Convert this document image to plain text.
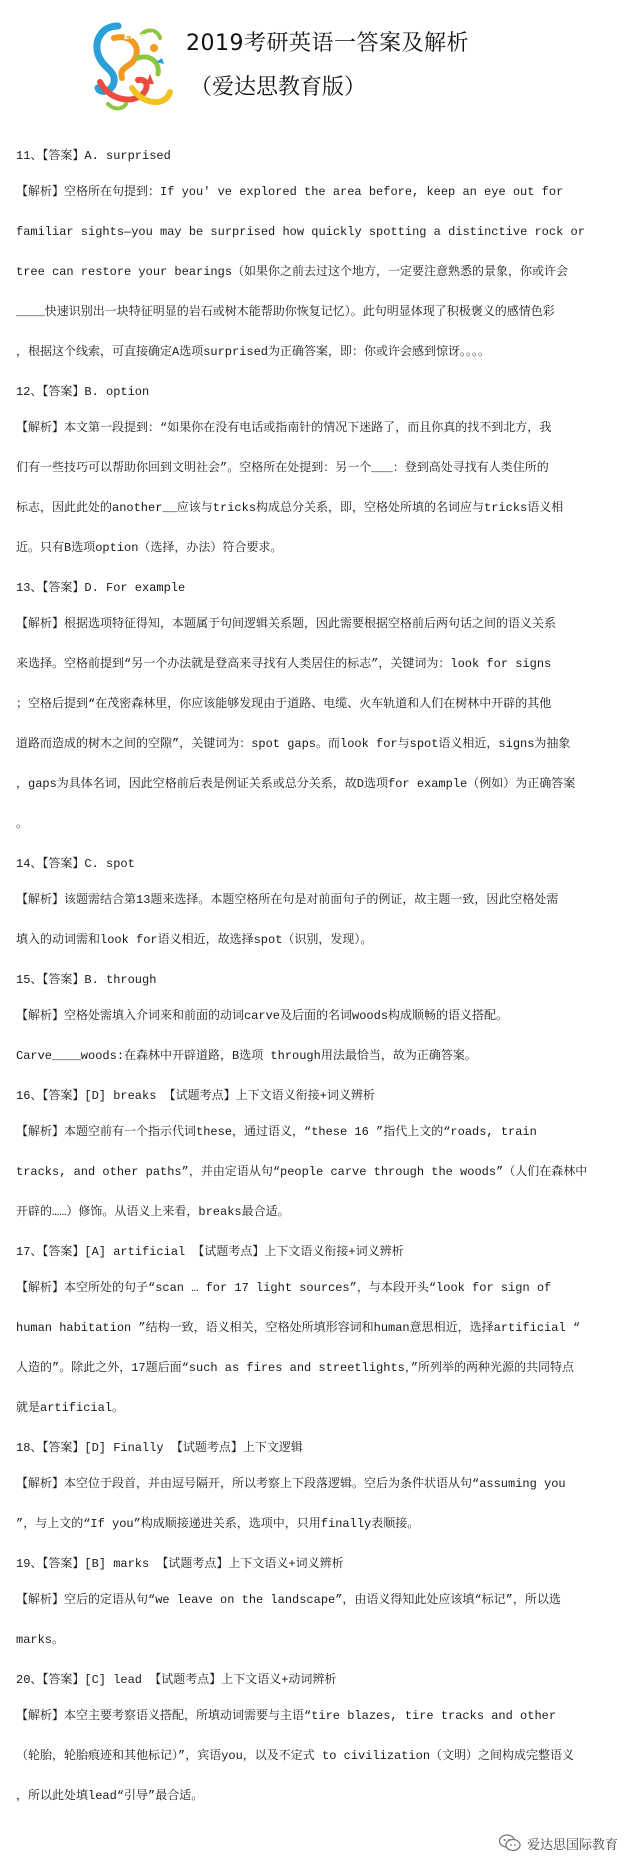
Eidath 2019考研英语一答案及解析
（爱达思教育版）
11、【答案】A. surprised
【解析】空格所在句提到：If you' ve explored the area before, keep an eye out for
familiar sights—you may be surprised how quickly spotting a distinctive rock or
tree can restore your bearings（如果你之前去过这个地方，一定要注意熟悉的景象，你或许会
____快速识别出一块特征明显的岩石或树木能帮助你恢复记忆）。此句明显体现了积极褒义的感情色彩
，根据这个线索，可直接确定A选项surprised为正确答案，即：你或许会感到惊讶。。。。
12、【答案】B. option
【解析】本文第一段提到：“如果你在没有电话或指南针的情况下迷路了，而且你真的找不到北方，我
们有一些技巧可以帮助你回到文明社会”。空格所在处提到：另一个___：登到高处寻找有人类住所的
标志，因此此处的another__应该与tricks构成总分关系，即，空格处所填的名词应与tricks语义相
近。只有B选项option（选择，办法）符合要求。
13、【答案】D. For example
【解析】根据选项特征得知，本题属于句间逻辑关系题，因此需要根据空格前后两句话之间的语义关系
来选择。空格前提到“另一个办法就是登高来寻找有人类居住的标志”，关键词为：look for signs
；空格后提到“在茂密森林里，你应该能够发现由于道路、电缆、火车轨道和人们在树林中开辟的其他
道路而造成的树木之间的空隙”，关键词为：spot gaps。而look for与spot语义相近，signs为抽象
，gaps为具体名词，因此空格前后表是例证关系或总分关系，故D选项for example（例如）为正确答案
。
14、【答案】C. spot
【解析】该题需结合第13题来选择。本题空格所在句是对前面句子的例证，故主题一致，因此空格处需
填入的动词需和look for语义相近，故选择spot（识别，发现）。
15、【答案】B. through
【解析】空格处需填入介词来和前面的动词carve及后面的名词woods构成顺畅的语义搭配。
Carve____woods:在森林中开辟道路，B选项 through用法最恰当，故为正确答案。
16、【答案】[D] breaks 【试题考点】上下文语义衔接+词义辨析
【解析】本题空前有一个指示代词these，通过语义，“these 16 ”指代上文的“roads, train
tracks, and other paths”，并由定语从句“people carve through the woods”（人们在森林中
开辟的……）修饰。从语义上来看，breaks最合适。
17、【答案】[A] artificial 【试题考点】上下文语义衔接+词义辨析
【解析】本空所处的句子“scan … for 17 light sources”，与本段开头“look for sign of
human habitation ”结构一致，语义相关，空格处所填形容词和human意思相近，选择artificial “
人造的”。除此之外，17题后面“such as fires and streetlights，”所列举的两种光源的共同特点
就是artificial。
18、【答案】[D] Finally 【试题考点】上下文逻辑
【解析】本空位于段首，并由逗号隔开，所以考察上下段落逻辑。空后为条件状语从句“assuming you
”，与上文的“If you”构成顺接递进关系，选项中，只用finally表顺接。
19、【答案】[B] marks 【试题考点】上下文语义+词义辨析
【解析】空后的定语从句“we leave on the landscape”，由语义得知此处应该填“标记”，所以选
marks。
20、【答案】[C] lead 【试题考点】上下文语义+动词辨析
【解析】本空主要考察语义搭配，所填动词需要与主语“tire blazes, tire tracks and other
（轮胎，轮胎痕迹和其他标记）”，宾语you，以及不定式 to civilization（文明）之间构成完整语义
，所以此处填lead“引导”最合适。
爱达思国际教育
